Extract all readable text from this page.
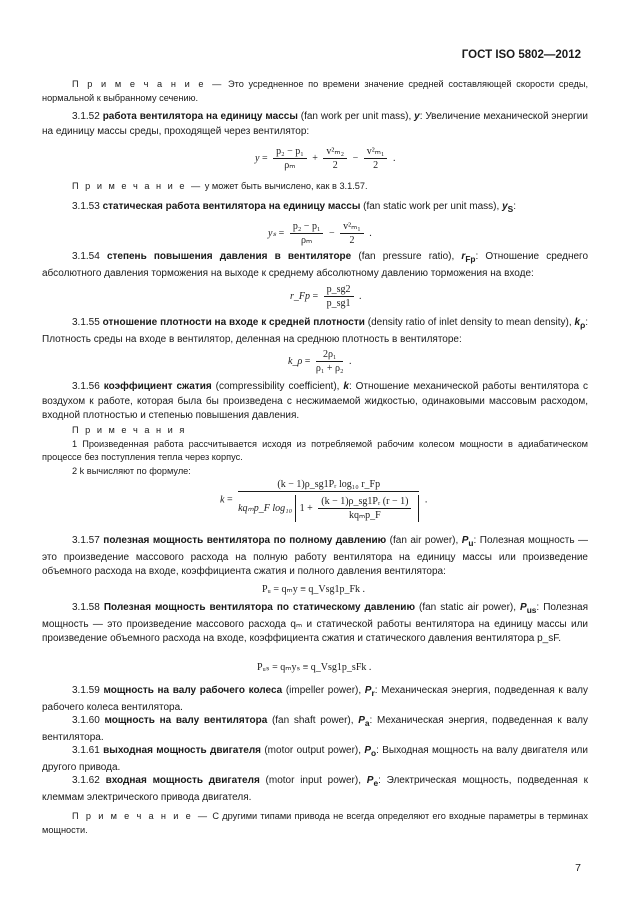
ГОСТ ISO 5802—2012
П р и м е ч а н и е — Это усредненное по времени значение средней составляющей скорости среды, нормальной к выбранному сечению.
3.1.52 работа вентилятора на единицу массы (fan work per unit mass), y: Увеличение механической энергии на единицу массы среды, проходящей через вентилятор:
$y = \frac{\text{p₂ − p₁}}{\text{ρₘ}} + \frac{\text{v²ₘ₂}}{2} - \frac{\text{v²ₘ₁}}{2}$ .
П р и м е ч а н и е — y может быть вычислено, как в 3.1.57.
3.1.53 статическая работа вентилятора на единицу массы (fan static work per unit mass), $y_S$:
$y_s = \frac{\text{p₂ − p₁}}{\text{ρₘ}} - \frac{\text{v²ₘ₁}}{2}$ .
3.1.54 степень повышения давления в вентиляторе (fan pressure ratio), $r_{Fp}$: Отношение среднего абсолютного давления торможения на выходе к среднему абсолютному давлению торможения на входе:
r_Fp = $\frac{p\_sg2}{p\_sg1}$ .
3.1.55 отношение плотности на входе к средней плотности (density ratio of inlet density to mean density), $k_\rho$: Плотность среды на входе в вентилятор, деленная на среднюю плотность в вентиляторе:
k_ρ = $\frac{\text{2ρ₁}}{\text{ρ₁ + ρ₂}}$ .
3.1.56 коэффициент сжатия (compressibility coefficient), k: Отношение механической работы вентилятора с воздухом к работе, которая была бы произведена с несжимаемой жидкостью, одинаковыми массовым расходом, входной плотностью и степенью повышения давления.
П р и м е ч а н и я
1 Произведенная работа рассчитывается исходя из потребляемой рабочим колесом мощности в адиабатическом процессе без поступления тепла через корпус.
2 k вычисляют по формуле:
k =
(k − 1)ρ_sg1Pᵣ log₁₀ r_Fp
kqₘp_F log₁₀ 1 +
(k − 1)ρ_sg1Pᵣ (r − 1)
kqₘp_F
.
3.1.57 полезная мощность вентилятора по полному давлению (fan air power), $P_u$: Полезная мощность — это произведение массового расхода на полную работу вентилятора на единицу массы или произведение объемного расхода на входе, коэффициента сжатия и полного давления вентилятора:
Pᵤ = qₘy ≡ q_Vsg1p_Fk .
3.1.58 Полезная мощность вентилятора по статическому давлению (fan static air power), $P_{us}$: Полезная мощность — это произведение массового расхода qₘ и статической работы вентилятора на единицу массы или произведение объемного расхода на входе, коэффициента сжатия и статического давления вентилятора p_sF.
Pᵤₛ = qₘyₛ ≡ q_Vsg1p_sFk .
3.1.59 мощность на валу рабочего колеса (impeller power), $P_r$: Механическая энергия, подведенная к валу рабочего колеса вентилятора.
3.1.60 мощность на валу вентилятора (fan shaft power), $P_a$: Механическая энергия, подведенная к валу вентилятора.
3.1.61 выходная мощность двигателя (motor output power), $P_o$: Выходная мощность на валу двигателя или другого привода.
3.1.62 входная мощность двигателя (motor input power), $P_e$: Электрическая мощность, подведенная к клеммам электрического привода двигателя.
П р и м е ч а н и е — С другими типами привода не всегда определяют его входные параметры в терминах мощности.
7
